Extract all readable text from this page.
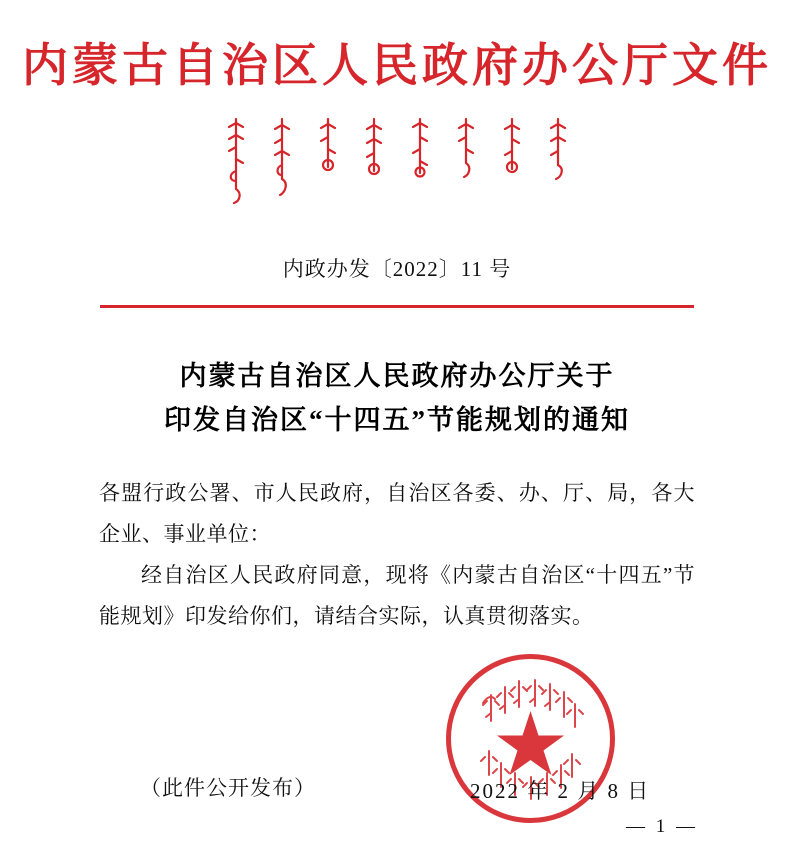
内蒙古自治区人民政府办公厅文件
内政办发〔2022〕11 号
内蒙古自治区人民政府办公厅关于
印发自治区“十四五”节能规划的通知
各盟行政公署、市人民政府，自治区各委、办、厅、局，各大企业、事业单位：
经自治区人民政府同意，现将《内蒙古自治区“十四五”节能规划》印发给你们，请结合实际，认真贯彻落实。
2022 年 2 月 8 日
（此件公开发布）
— 1 —
